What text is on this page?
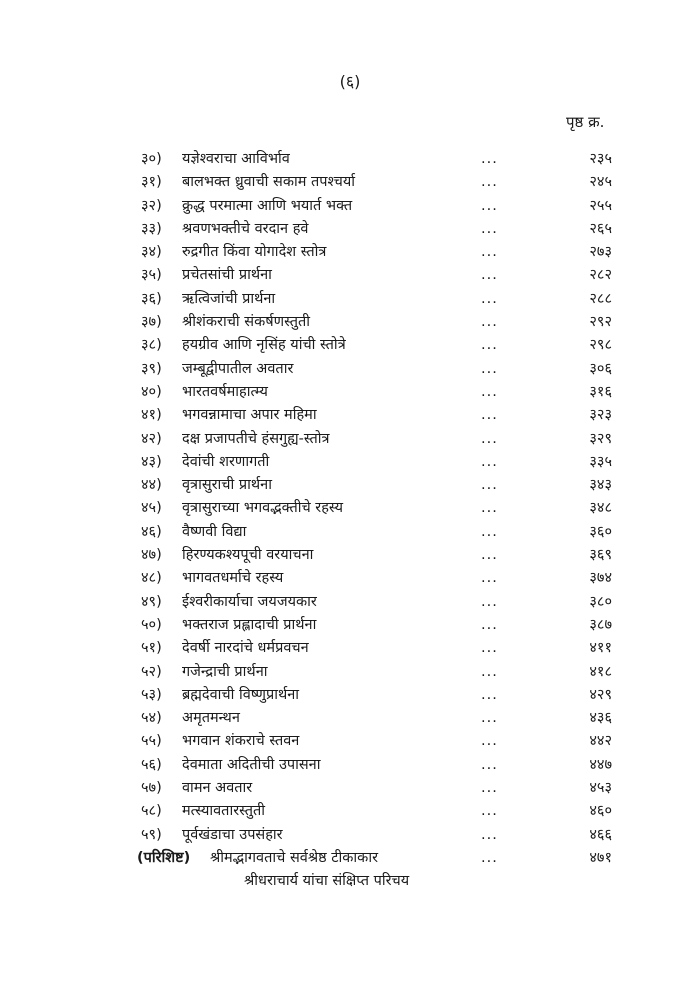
(६)
पृष्ठ क्र.
३०) यज्ञेश्वराचा आविर्भाव	...	२३५
३१) बालभक्त ध्रुवाची सकाम तपश्चर्या	...	२४५
३२) क्रुद्ध परमात्मा आणि भयार्त भक्त	...	२५५
३३) श्रवणभक्तीचे वरदान हवे	...	२६५
३४) रुद्रगीत किंवा योगादेश स्तोत्र	...	२७३
३५) प्रचेतसांची प्रार्थना	...	२८२
३६) ऋत्विजांची प्रार्थना	...	२८८
३७) श्रीशंकराची संकर्षणस्तुती	...	२९२
३८) हयग्रीव आणि नृसिंह यांची स्तोत्रे	...	२९८
३९) जम्बूद्वीपातील अवतार	...	३०६
४०) भारतवर्षमाहात्म्य	...	३१६
४१) भगवन्नामाचा अपार महिमा	...	३२३
४२) दक्ष प्रजापतीचे हंसगुह्य-स्तोत्र	...	३२९
४३) देवांची शरणागती	...	३३५
४४) वृत्रासुराची प्रार्थना	...	३४३
४५) वृत्रासुराच्या भगवद्भक्तीचे रहस्य	...	३४८
४६) वैष्णवी विद्या	...	३६०
४७) हिरण्यकश्यपूची वरयाचना	...	३६९
४८) भागवतधर्माचे रहस्य	...	३७४
४९) ईश्वरीकार्याचा जयजयकार	...	३८०
५०) भक्तराज प्रह्लादाची प्रार्थना	...	३८७
५१) देवर्षी नारदांचे धर्मप्रवचन	...	४११
५२) गजेन्द्राची प्रार्थना	...	४१८
५३) ब्रह्मदेवाची विष्णुप्रार्थना	...	४२९
५४) अमृतमन्थन	...	४३६
५५) भगवान शंकराचे स्तवन	...	४४२
५६) देवमाता अदितीची उपासना	...	४४७
५७) वामन अवतार	...	४५३
५८) मत्स्यावतारस्तुती	...	४६०
५९) पूर्वखंडाचा उपसंहार	...	४६६
(परिशिष्ट) श्रीमद्भागवताचे सर्वश्रेष्ठ टीकाकार	...	४७१
श्रीधराचार्य यांचा संक्षिप्त परिचय
